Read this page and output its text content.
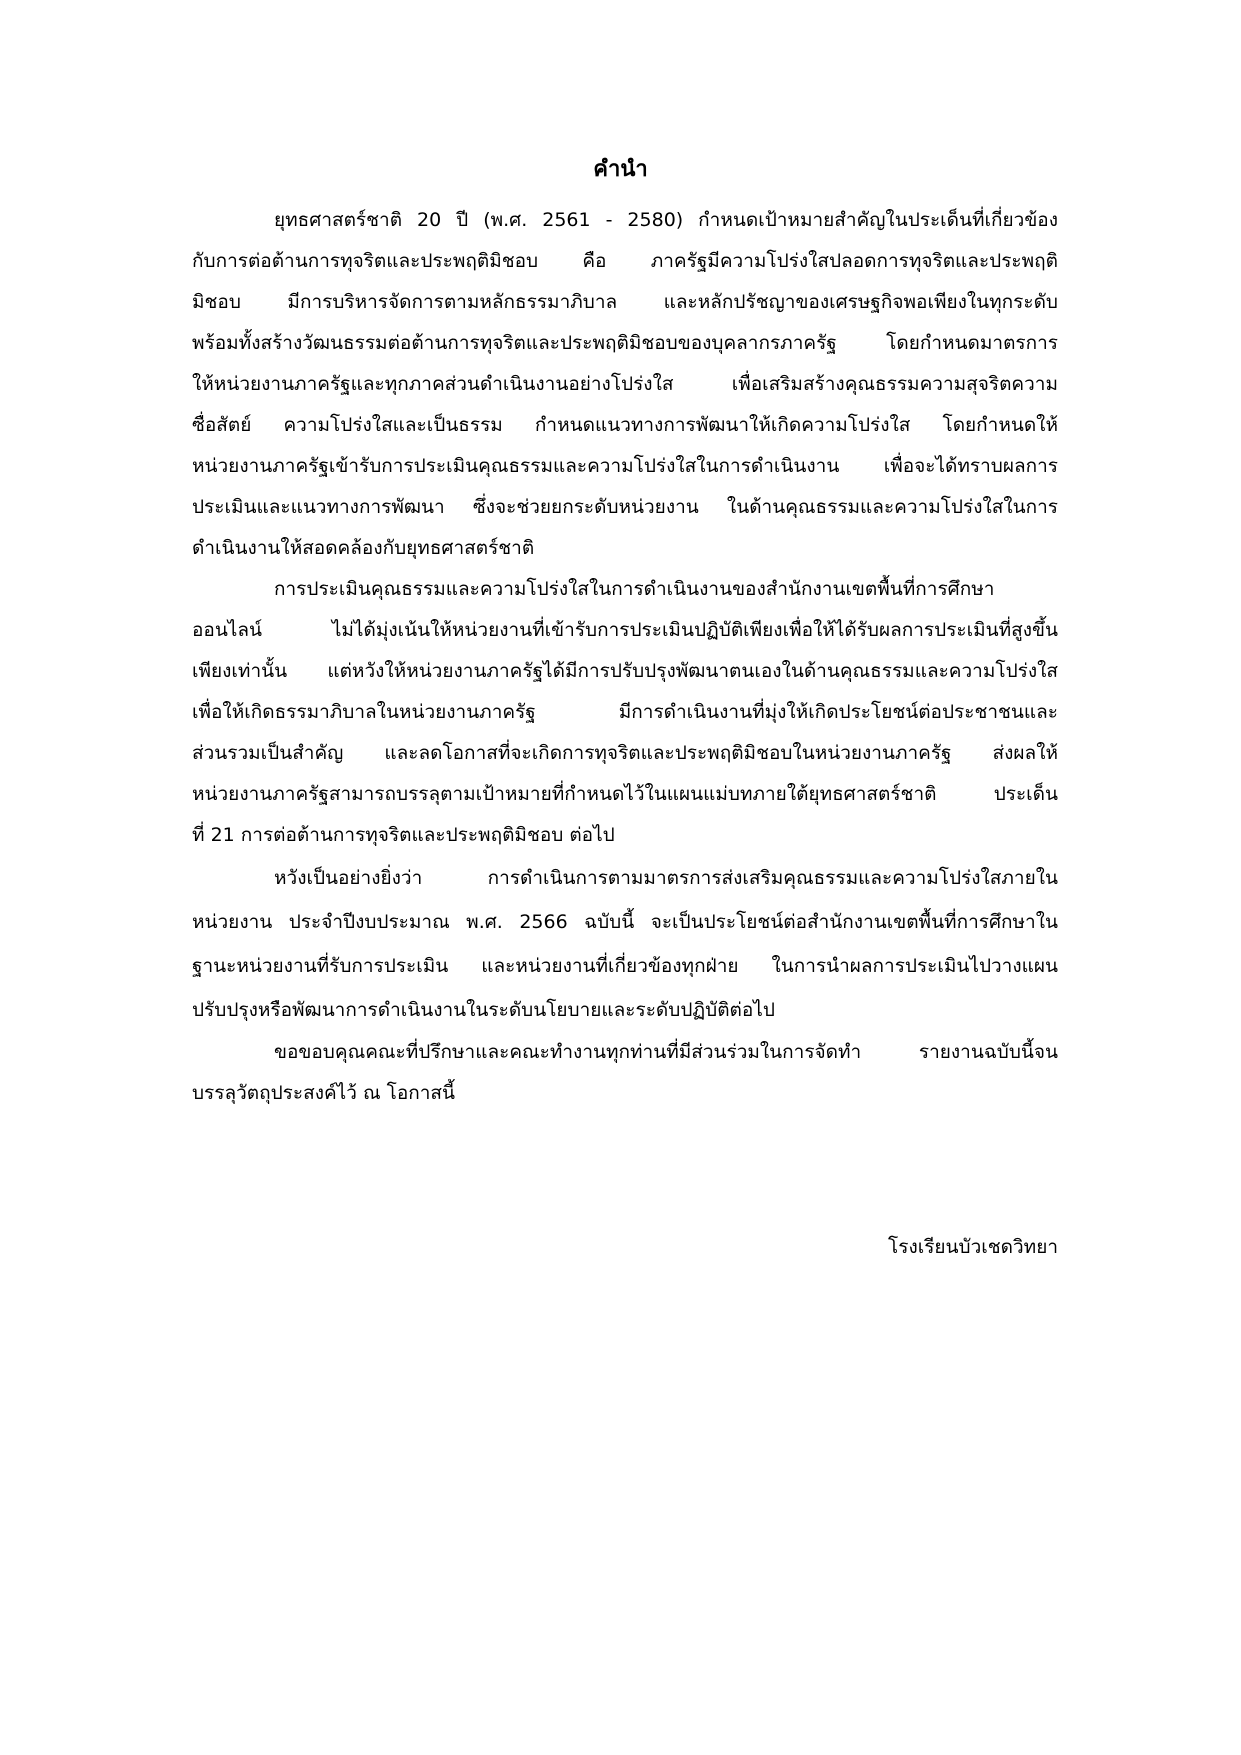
คำนำ
ยุทธศาสตร์ชาติ 20 ปี (พ.ศ. 2561 - 2580) กำหนดเป้าหมายสำคัญในประเด็นที่เกี่ยวข้อง
กับการต่อต้านการทุจริตและประพฤติมิชอบ คือ ภาครัฐมีความโปร่งใสปลอดการทุจริตและประพฤติ
มิชอบ มีการบริหารจัดการตามหลักธรรมาภิบาล และหลักปรัชญาของเศรษฐกิจพอเพียงในทุกระดับ
พร้อมทั้งสร้างวัฒนธรรมต่อต้านการทุจริตและประพฤติมิชอบของบุคลากรภาครัฐ โดยกำหนดมาตรการ
ให้หน่วยงานภาครัฐและทุกภาคส่วนดำเนินงานอย่างโปร่งใส เพื่อเสริมสร้างคุณธรรมความสุจริตความ
ซื่อสัตย์ ความโปร่งใสและเป็นธรรม กำหนดแนวทางการพัฒนาให้เกิดความโปร่งใส โดยกำหนดให้
หน่วยงานภาครัฐเข้ารับการประเมินคุณธรรมและความโปร่งใสในการดำเนินงาน เพื่อจะได้ทราบผลการ
ประเมินและแนวทางการพัฒนา ซึ่งจะช่วยยกระดับหน่วยงาน ในด้านคุณธรรมและความโปร่งใสในการ
ดำเนินงานให้สอดคล้องกับยุทธศาสตร์ชาติ
การประเมินคุณธรรมและความโปร่งใสในการดำเนินงานของสำนักงานเขตพื้นที่การศึกษา
ออนไลน์ ไม่ได้มุ่งเน้นให้หน่วยงานที่เข้ารับการประเมินปฏิบัติเพียงเพื่อให้ได้รับผลการประเมินที่สูงขึ้น
เพียงเท่านั้น แต่หวังให้หน่วยงานภาครัฐได้มีการปรับปรุงพัฒนาตนเองในด้านคุณธรรมและความโปร่งใส
เพื่อให้เกิดธรรมาภิบาลในหน่วยงานภาครัฐ มีการดำเนินงานที่มุ่งให้เกิดประโยชน์ต่อประชาชนและ
ส่วนรวมเป็นสำคัญ และลดโอกาสที่จะเกิดการทุจริตและประพฤติมิชอบในหน่วยงานภาครัฐ ส่งผลให้
หน่วยงานภาครัฐสามารถบรรลุตามเป้าหมายที่กำหนดไว้ในแผนแม่บทภายใต้ยุทธศาสตร์ชาติ ประเด็น
ที่ 21 การต่อต้านการทุจริตและประพฤติมิชอบ ต่อไป
หวังเป็นอย่างยิ่งว่า การดำเนินการตามมาตรการส่งเสริมคุณธรรมและความโปร่งใสภายใน
หน่วยงาน ประจำปีงบประมาณ พ.ศ. 2566 ฉบับนี้ จะเป็นประโยชน์ต่อสำนักงานเขตพื้นที่การศึกษาใน
ฐานะหน่วยงานที่รับการประเมิน และหน่วยงานที่เกี่ยวข้องทุกฝ่าย ในการนำผลการประเมินไปวางแผน
ปรับปรุงหรือพัฒนาการดำเนินงานในระดับนโยบายและระดับปฏิบัติต่อไป
ขอขอบคุณคณะที่ปรึกษาและคณะทำงานทุกท่านที่มีส่วนร่วมในการจัดทำ รายงานฉบับนี้จน
บรรลุวัตถุประสงค์ไว้ ณ โอกาสนี้
โรงเรียนบัวเชดวิทยา
